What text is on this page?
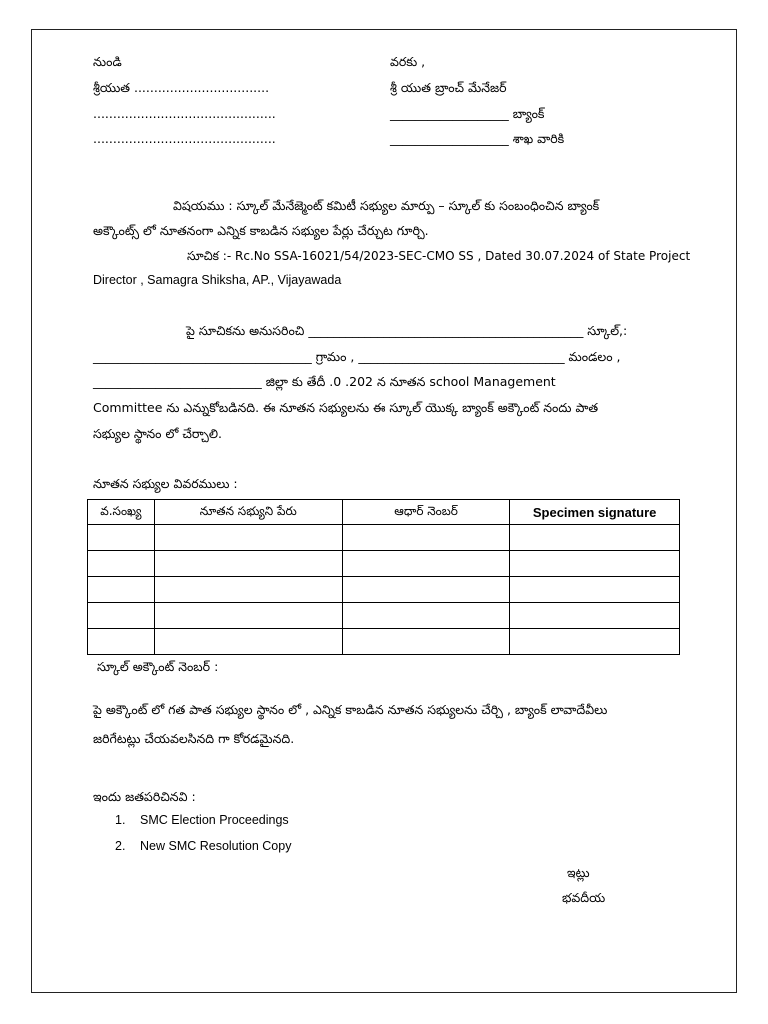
నుండి	వరకు ,
శ్రీయుత ..................................	శ్రీ యుత బ్రాంచ్ మేనేజర్
..............................................	___________________ బ్యాంక్
..............................................	___________________ శాఖ వారికి
విషయము : స్కూల్ మేనేజ్మెంట్ కమిటీ సభ్యుల మార్పు – స్కూల్ కు సంబంధించిన బ్యాంక్
అక్కౌంట్స్ లో నూతనంగా ఎన్నిక కాబడిన సభ్యుల పేర్లు చేర్చుట గూర్చి.
సూచిక :- Rc.No SSA-16021/54/2023-SEC-CMO SS , Dated 30.07.2024 of State Project
Director , Samagra Shiksha, AP., Vijayawada
పై సూచికను అనుసరించి ____________________________________________ స్కూల్,:
___________________________________ గ్రామం , _________________________________ మండలం ,
___________________________ జిల్లా కు తేదీ .0 .202 న నూతన school Management
Committee ను ఎన్నుకోబడినది. ఈ నూతన సభ్యులను ఈ స్కూల్ యొక్క బ్యాంక్ అక్కౌంట్ నందు పాత
సభ్యుల స్థానం లో చేర్చాలి.
నూతన సభ్యుల వివరములు :
వ.సంఖ్య	నూతన సభ్యుని పేరు	ఆధార్ నెంబర్	Specimen signature

స్కూల్ అక్కౌంట్ నెంబర్ :
పై అక్కౌంట్ లో గత పాత సభ్యుల స్థానం లో , ఎన్నిక కాబడిన నూతన సభ్యులను చేర్చి , బ్యాంక్ లావాదేవీలు
జరిగేటట్లు చేయవలసినది గా కోరడమైనది.
ఇందు జతపరిచినవి :
1. SMC Election Proceedings
2. New SMC Resolution Copy
ఇట్లు
భవదీయ
